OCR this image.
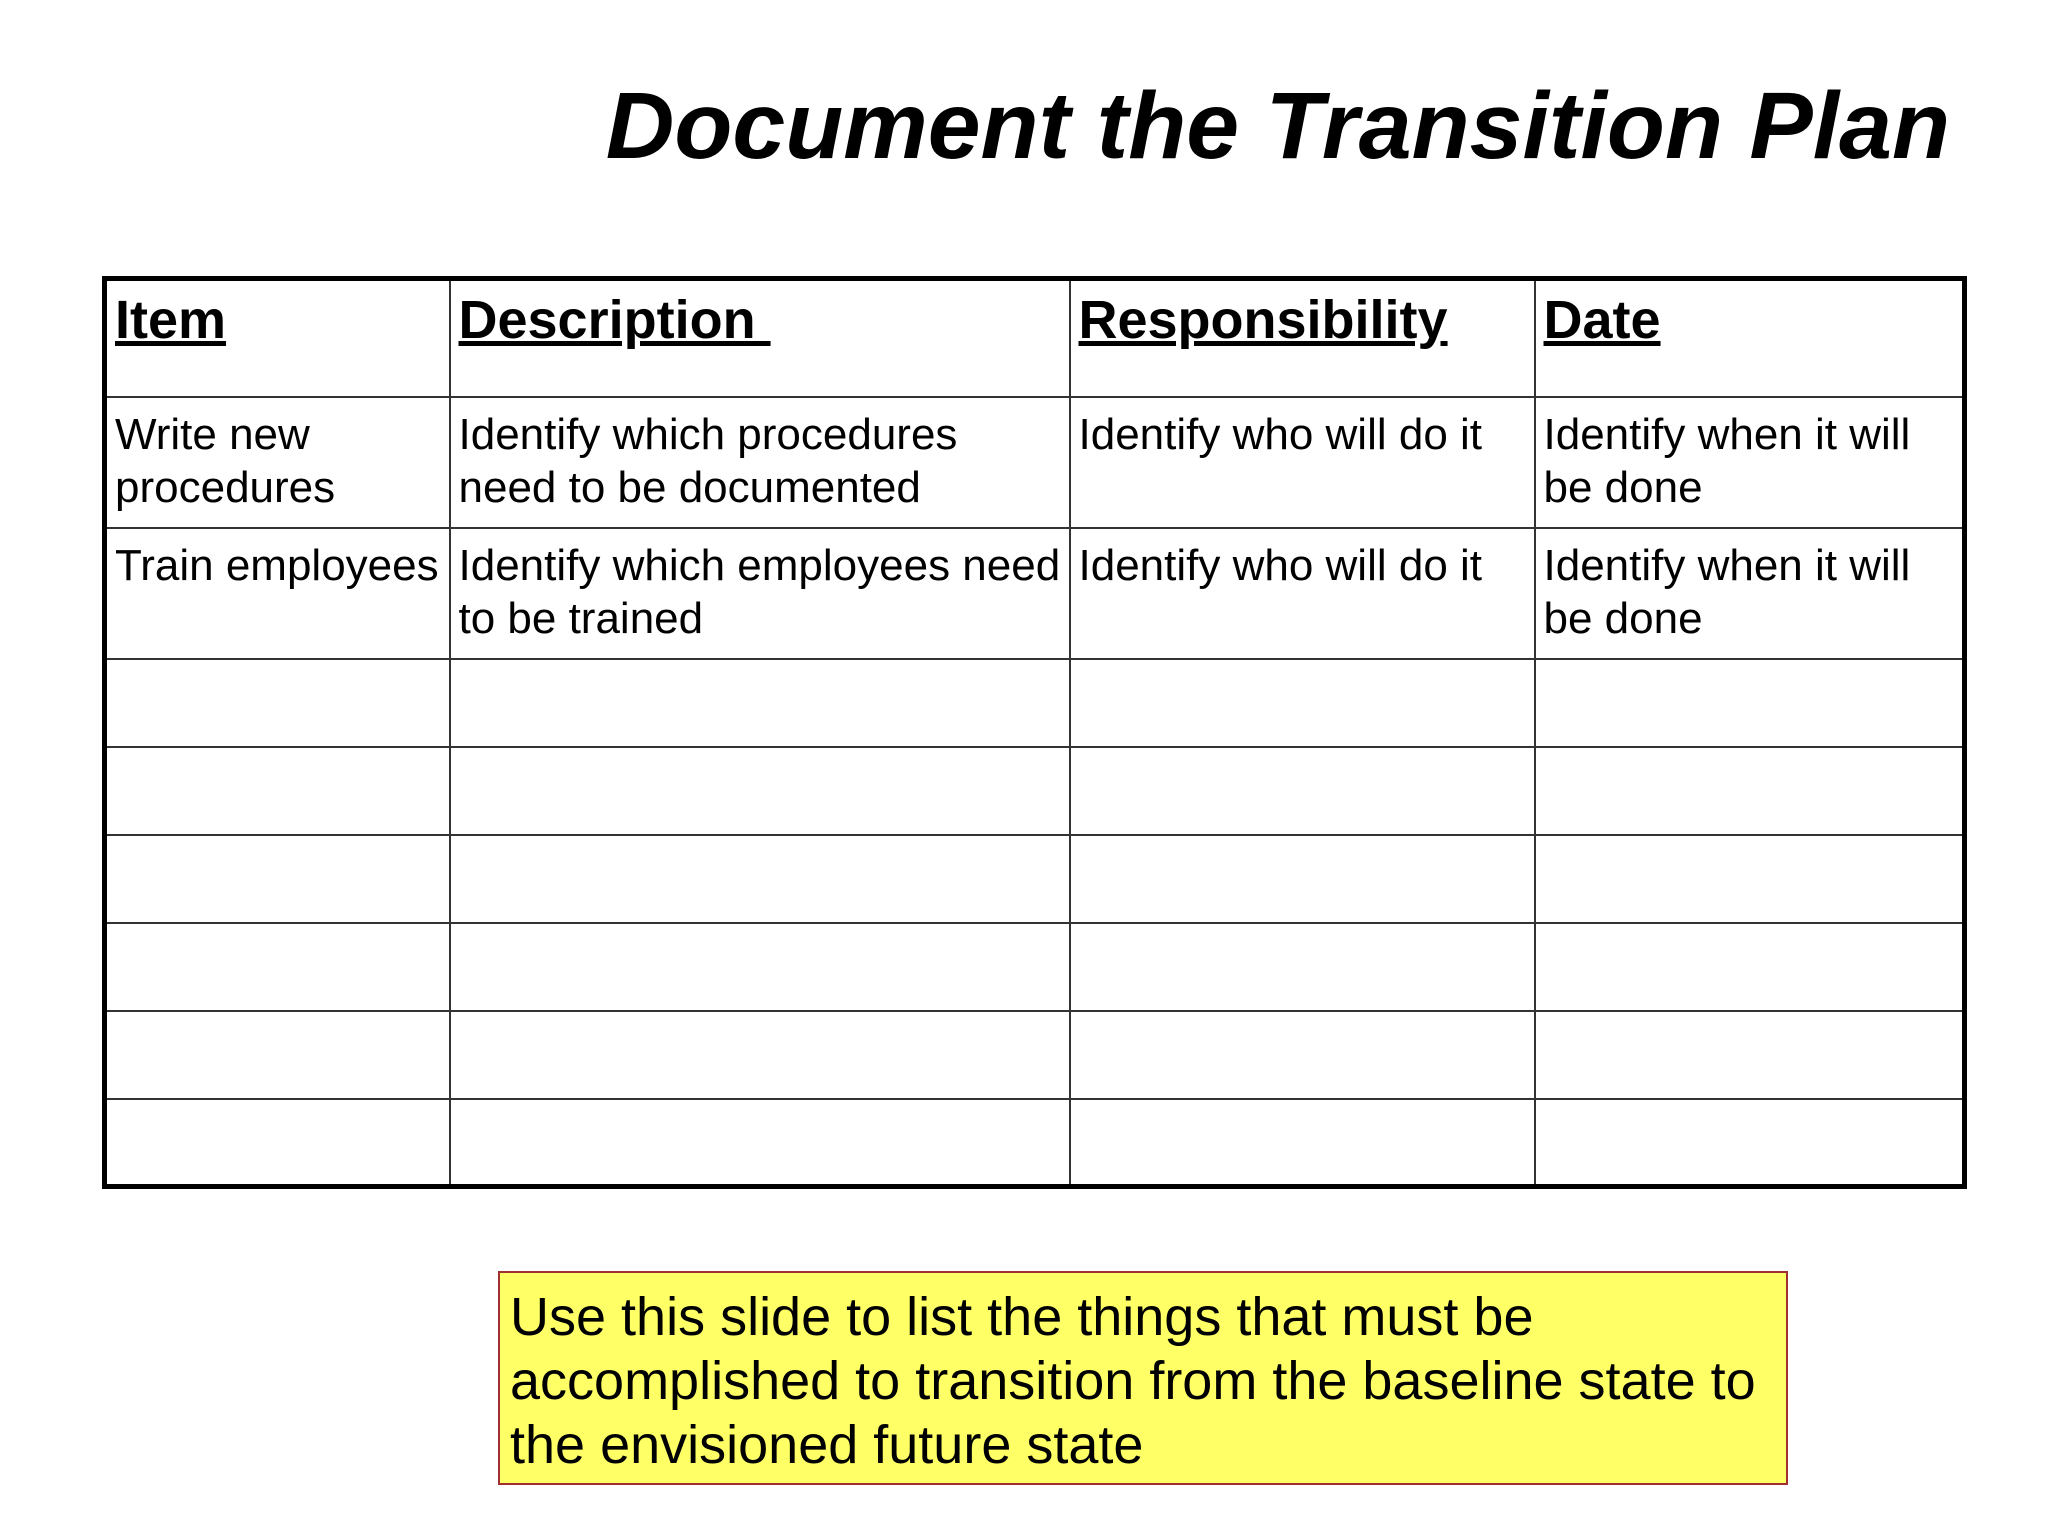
Document the Transition Plan
Item	Description	Responsibility	Date
Write new procedures	Identify which procedures need to be documented	Identify who will do it	Identify when it will be done
Train employees	Identify which employees need to be trained	Identify who will do it	Identify when it will be done

Use this slide to list the things that must be accomplished to transition from the baseline state to the envisioned future state
